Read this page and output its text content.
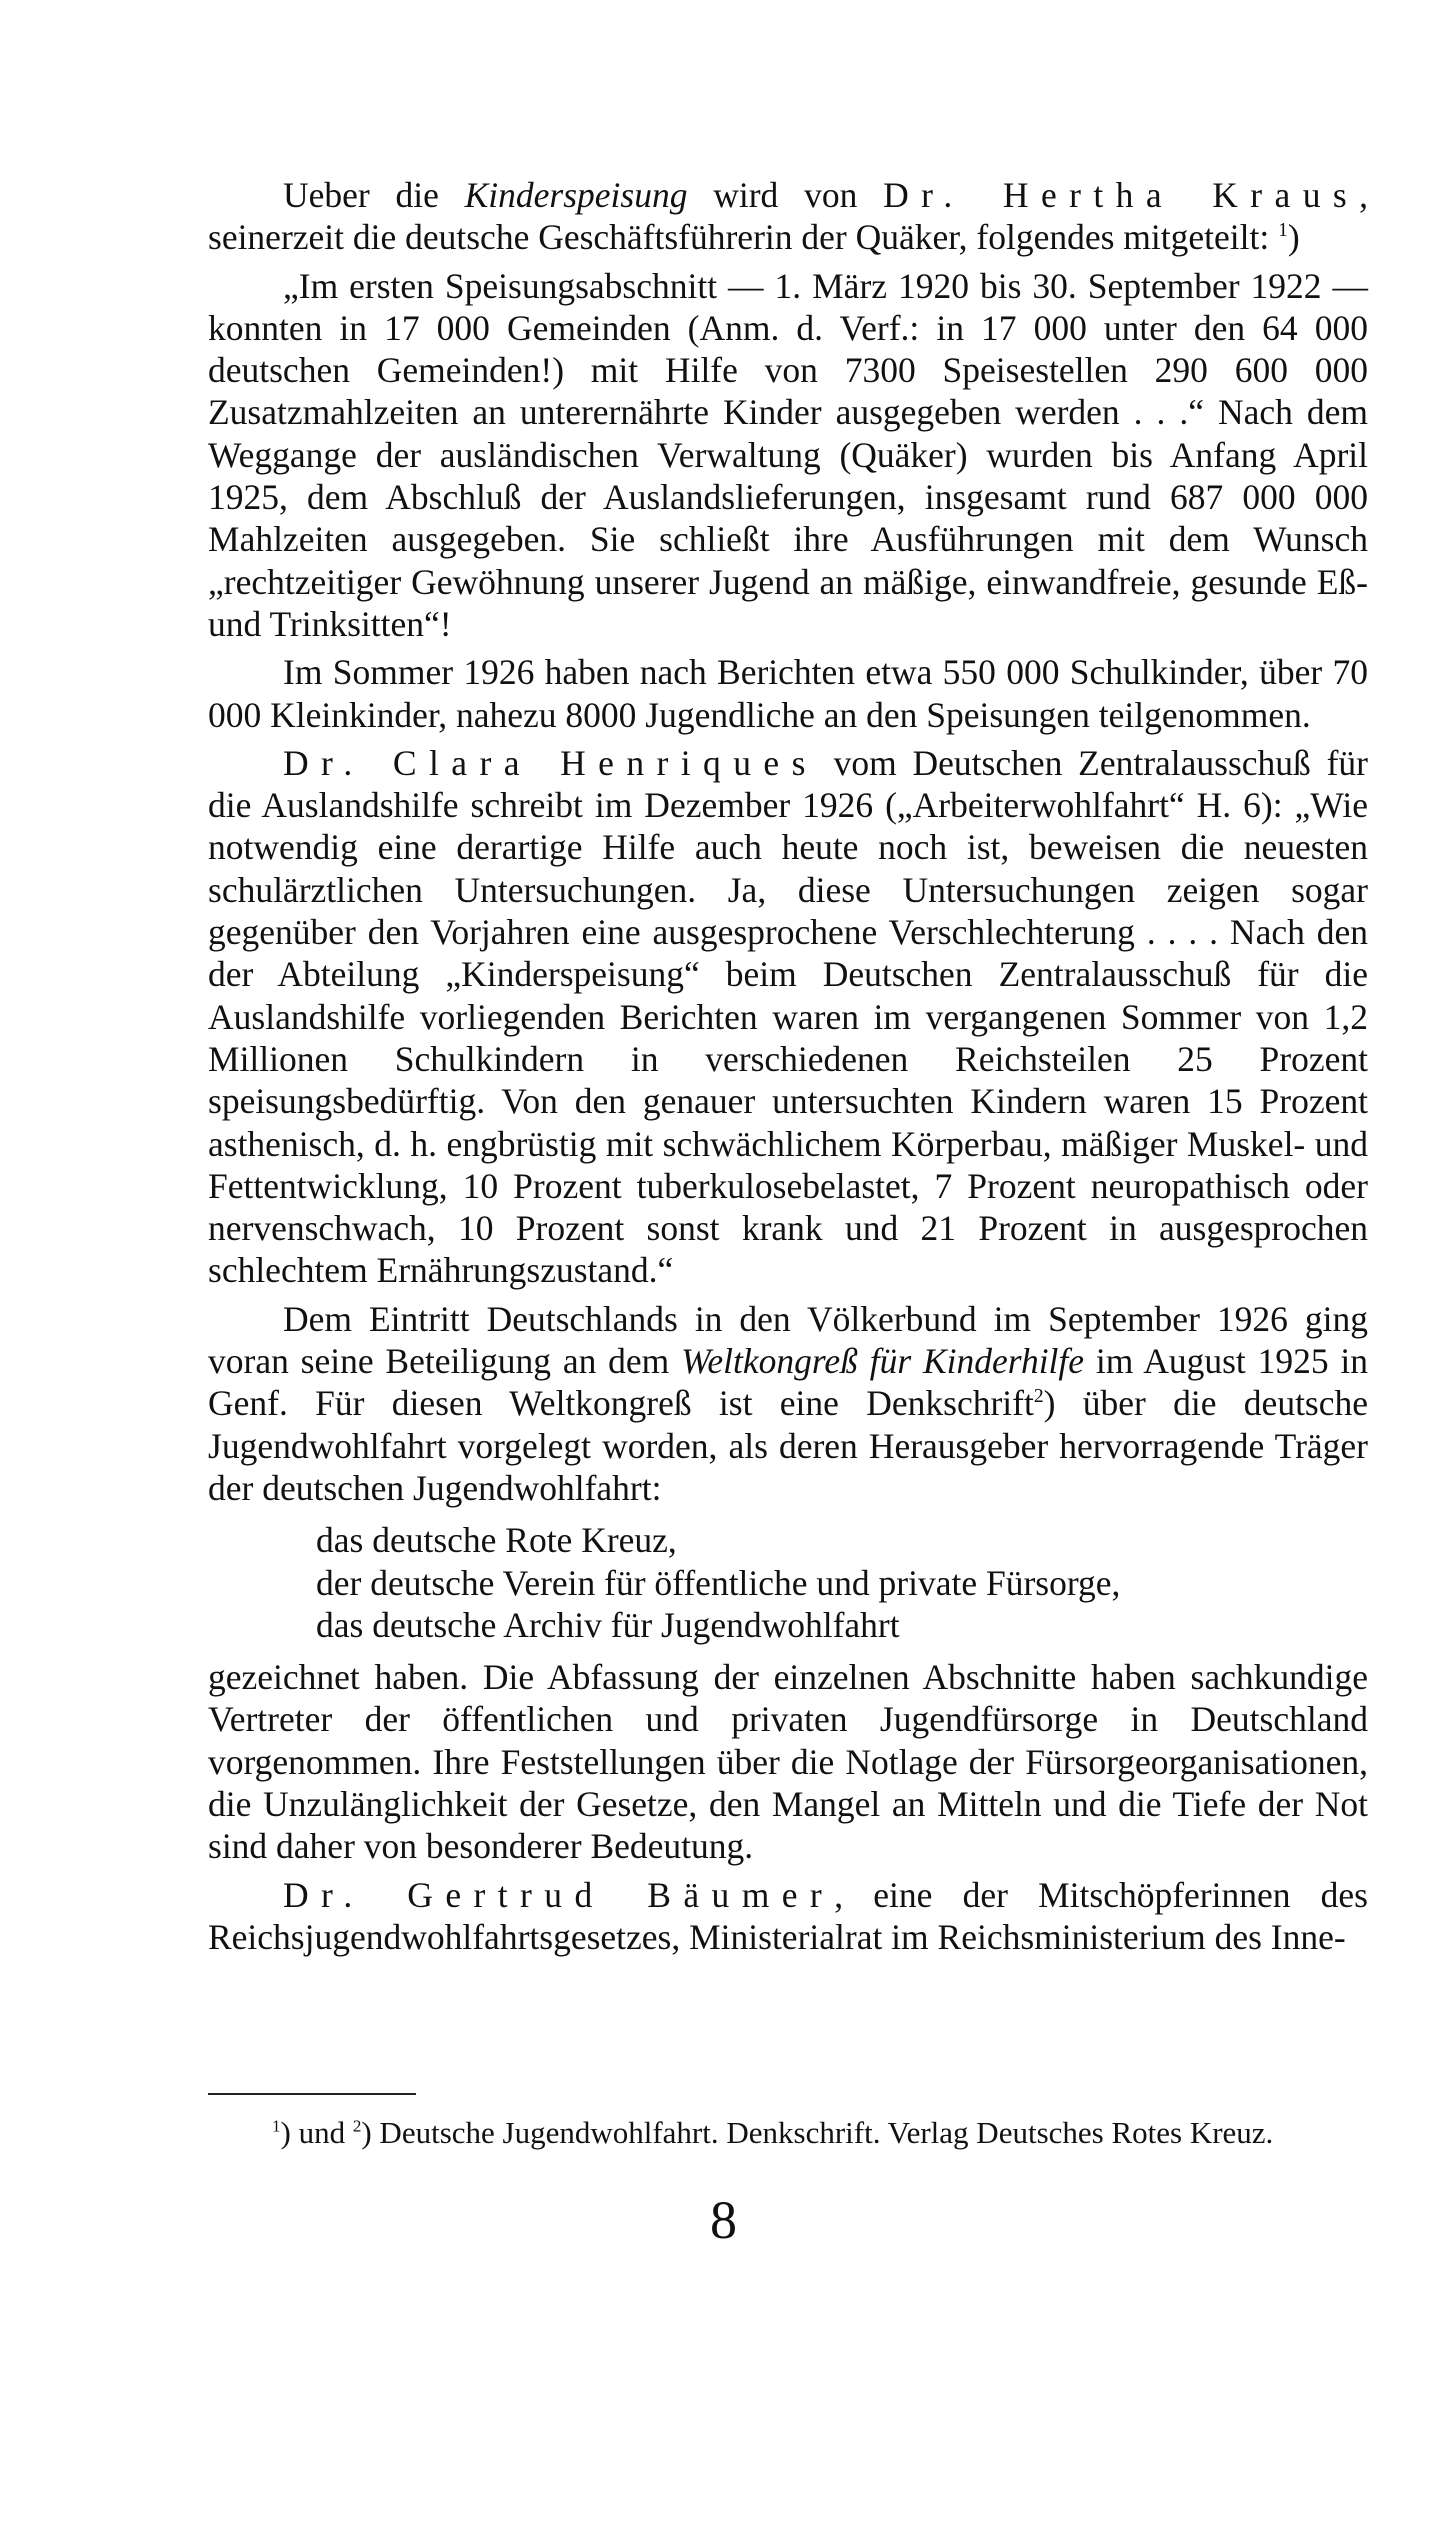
Ueber die Kinderspeisung wird von Dr. Hertha Kraus, seinerzeit die deutsche Geschäftsführerin der Quäker, folgendes mitgeteilt: $^1$)

„Im ersten Speisungsabschnitt — 1. März 1920 bis 30. September 1922 — konnten in 17 000 Gemeinden (Anm. d. Verf.: in 17 000 unter den 64 000 deutschen Gemeinden!) mit Hilfe von 7300 Speisestellen 290 600 000 Zusatzmahlzeiten an unterernährte Kinder ausgegeben werden . . .“ Nach dem Weggange der ausländischen Verwaltung (Quäker) wurden bis Anfang April 1925, dem Abschluß der Auslandslieferungen, insgesamt rund 687 000 000 Mahlzeiten ausgegeben. Sie schließt ihre Ausführungen mit dem Wunsch „rechtzeitiger Gewöhnung unserer Jugend an mäßige, einwandfreie, gesunde Eß- und Trinksitten“!

Im Sommer 1926 haben nach Berichten etwa 550 000 Schulkinder, über 70 000 Kleinkinder, nahezu 8000 Jugendliche an den Speisungen teilgenommen.

Dr. Clara Henriques vom Deutschen Zentralausschuß für die Auslandshilfe schreibt im Dezember 1926 („Arbeiterwohlfahrt“ H. 6): „Wie notwendig eine derartige Hilfe auch heute noch ist, beweisen die neuesten schulärztlichen Untersuchungen. Ja, diese Untersuchungen zeigen sogar gegenüber den Vorjahren eine ausgesprochene Verschlechterung . . . . Nach den der Abteilung „Kinderspeisung“ beim Deutschen Zentralausschuß für die Auslandshilfe vorliegenden Berichten waren im vergangenen Sommer von 1,2 Millionen Schulkindern in verschiedenen Reichsteilen 25 Prozent speisungsbedürftig. Von den genauer untersuchten Kindern waren 15 Prozent asthenisch, d. h. engbrüstig mit schwächlichem Körperbau, mäßiger Muskel- und Fettentwicklung, 10 Prozent tuberkulosebelastet, 7 Prozent neuropathisch oder nervenschwach, 10 Prozent sonst krank und 21 Prozent in ausgesprochen schlechtem Ernährungszustand.“

Dem Eintritt Deutschlands in den Völkerbund im September 1926 ging voran seine Beteiligung an dem Weltkongreß für Kinderhilfe im August 1925 in Genf. Für diesen Weltkongreß ist eine Denkschrift$^2$) über die deutsche Jugendwohlfahrt vorgelegt worden, als deren Herausgeber hervorragende Träger der deutschen Jugendwohlfahrt:

das deutsche Rote Kreuz,
der deutsche Verein für öffentliche und private Fürsorge,
das deutsche Archiv für Jugendwohlfahrt

gezeichnet haben. Die Abfassung der einzelnen Abschnitte haben sachkundige Vertreter der öffentlichen und privaten Jugendfürsorge in Deutschland vorgenommen. Ihre Feststellungen über die Notlage der Fürsorgeorganisationen, die Unzulänglichkeit der Gesetze, den Mangel an Mitteln und die Tiefe der Not sind daher von besonderer Bedeutung.

Dr. Gertrud Bäumer, eine der Mitschöpferinnen des Reichsjugendwohlfahrtsgesetzes, Ministerialrat im Reichsministerium des Inne-

$^1$) und $^2$) Deutsche Jugendwohlfahrt. Denkschrift. Verlag Deutsches Rotes Kreuz.
8
